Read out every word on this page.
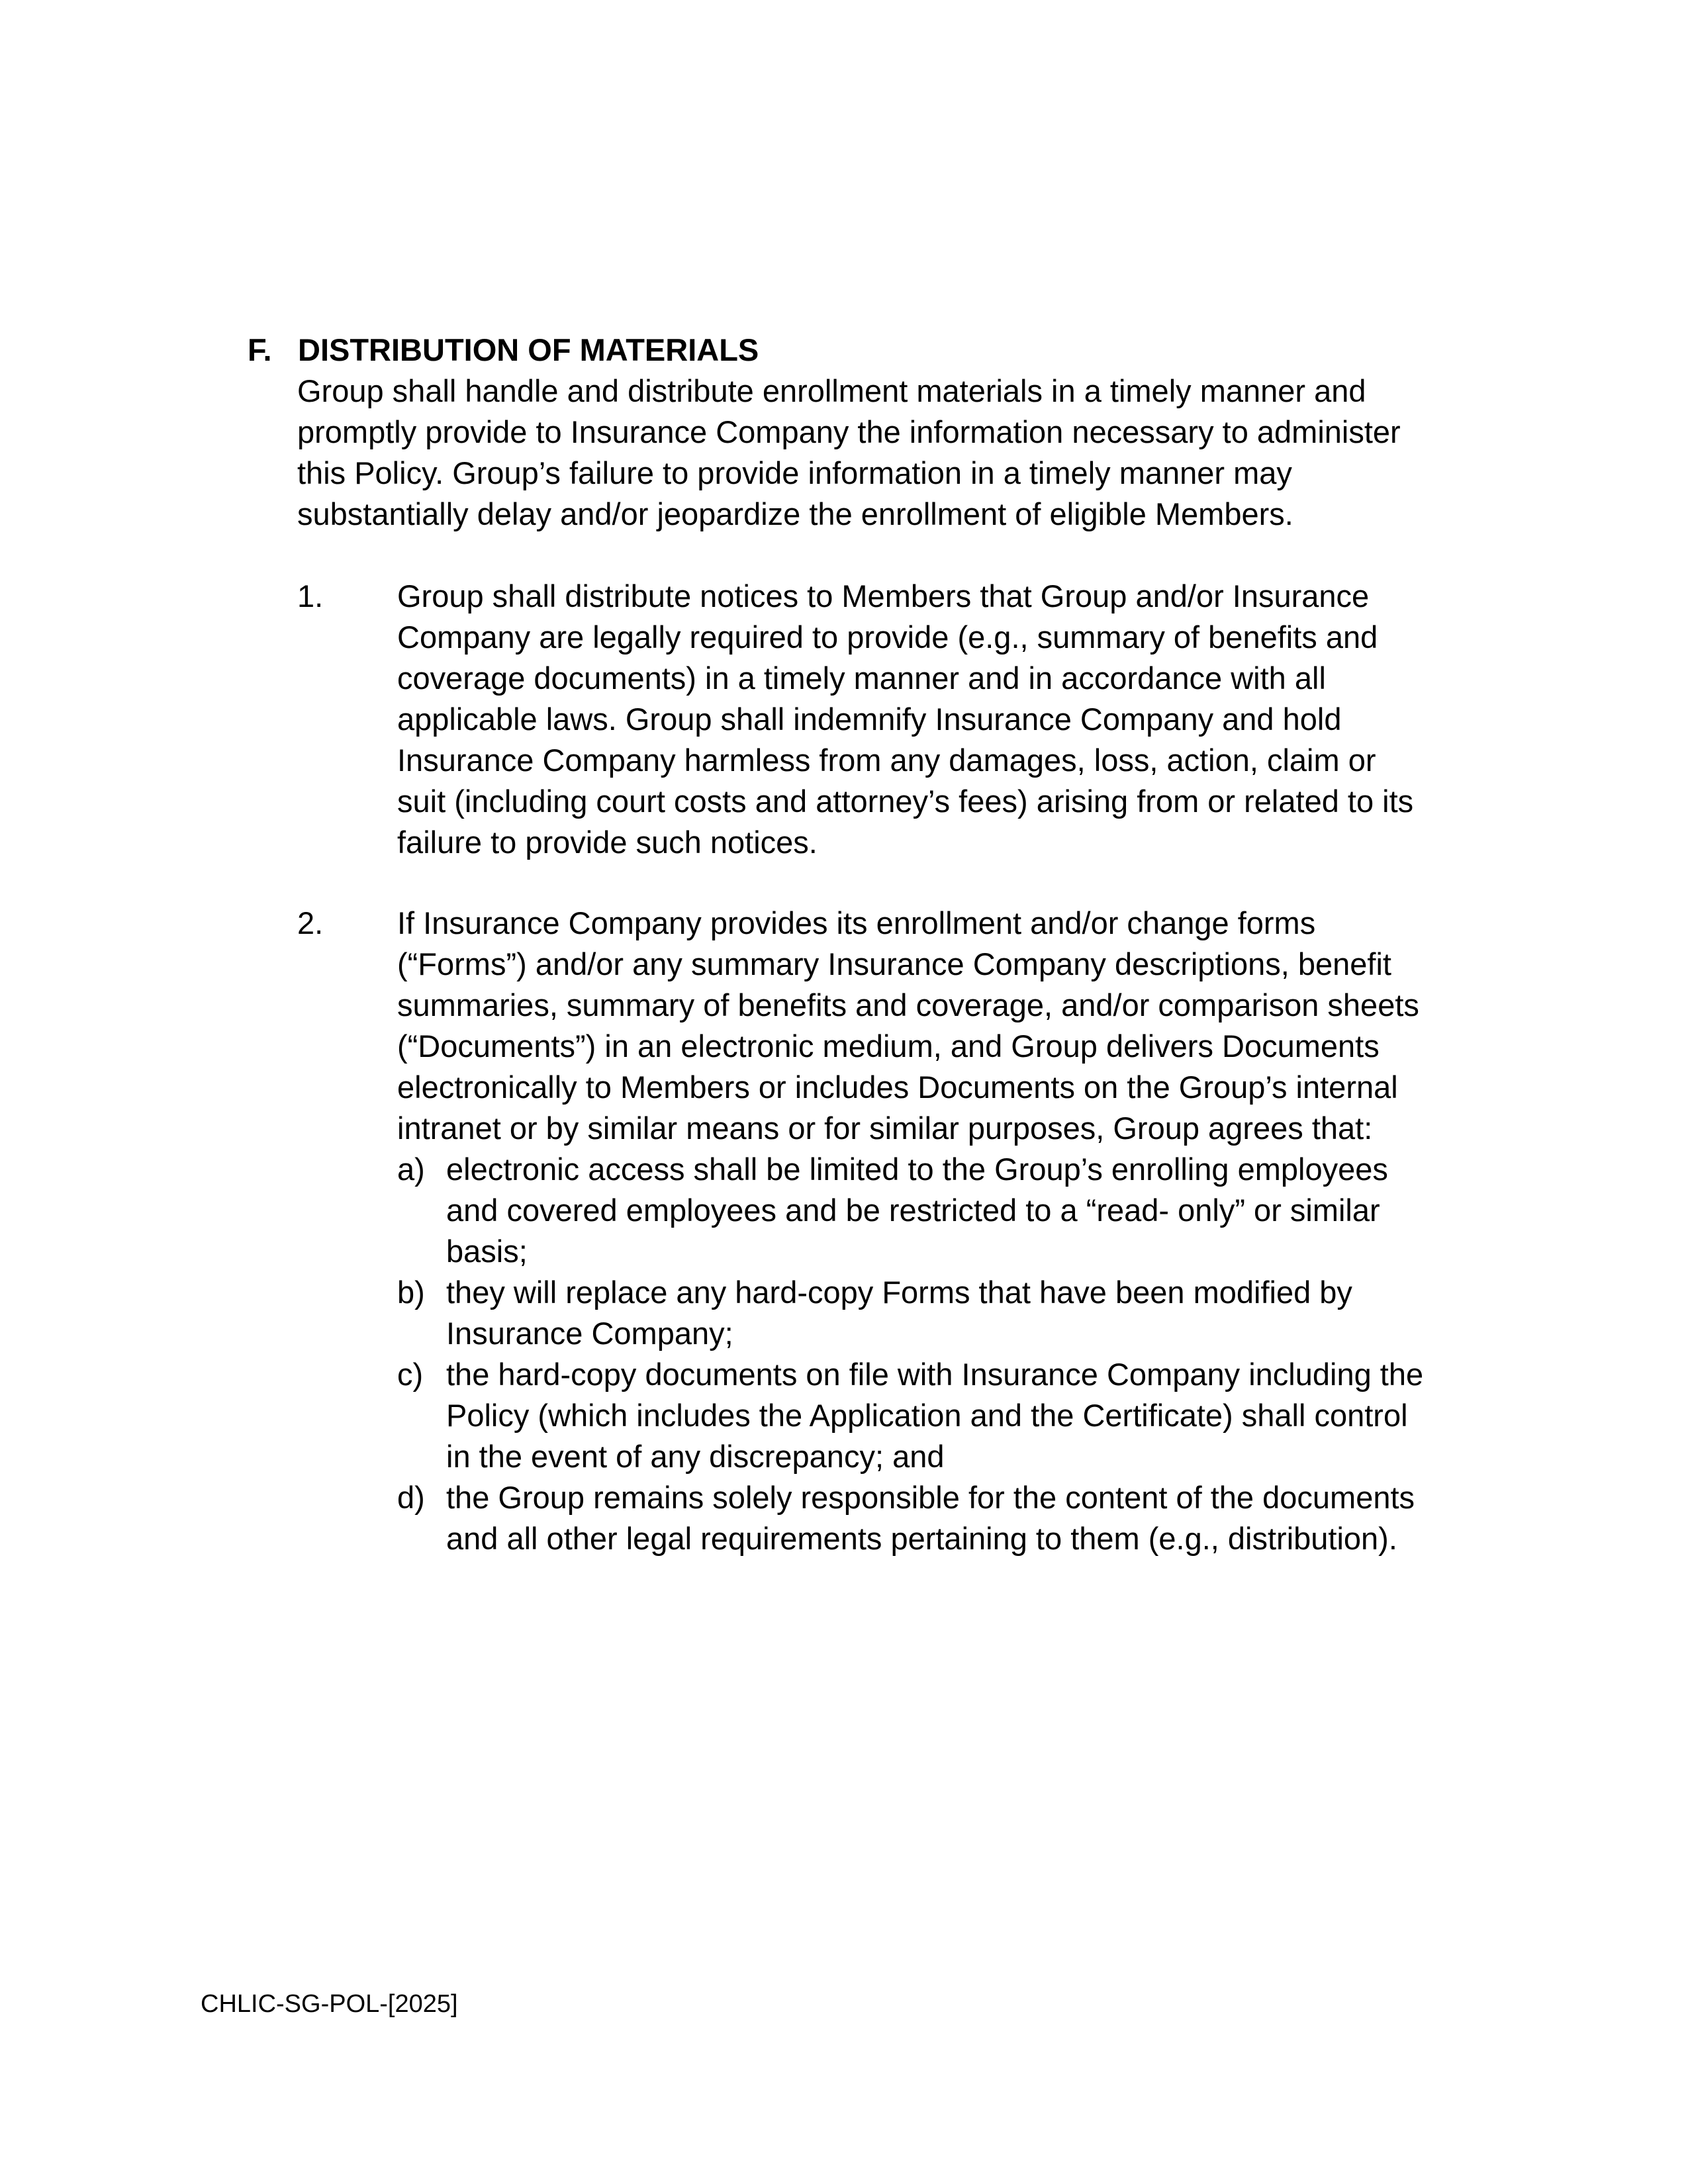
F. DISTRIBUTION OF MATERIALS
Group shall handle and distribute enrollment materials in a timely manner and
promptly provide to Insurance Company the information necessary to administer
this Policy. Group’s failure to provide information in a timely manner may
substantially delay and/or jeopardize the enrollment of eligible Members.
1. Group shall distribute notices to Members that Group and/or Insurance
Company are legally required to provide (e.g., summary of benefits and
coverage documents) in a timely manner and in accordance with all
applicable laws. Group shall indemnify Insurance Company and hold
Insurance Company harmless from any damages, loss, action, claim or
suit (including court costs and attorney’s fees) arising from or related to its
failure to provide such notices.
2. If Insurance Company provides its enrollment and/or change forms
(“Forms”) and/or any summary Insurance Company descriptions, benefit
summaries, summary of benefits and coverage, and/or comparison sheets
(“Documents”) in an electronic medium, and Group delivers Documents
electronically to Members or includes Documents on the Group’s internal
intranet or by similar means or for similar purposes, Group agrees that:
a) electronic access shall be limited to the Group’s enrolling employees
and covered employees and be restricted to a “read- only” or similar
basis;
b) they will replace any hard-copy Forms that have been modified by
Insurance Company;
c) the hard-copy documents on file with Insurance Company including the
Policy (which includes the Application and the Certificate) shall control
in the event of any discrepancy; and
d) the Group remains solely responsible for the content of the documents
and all other legal requirements pertaining to them (e.g., distribution).
CHLIC-SG-POL-[2025]
